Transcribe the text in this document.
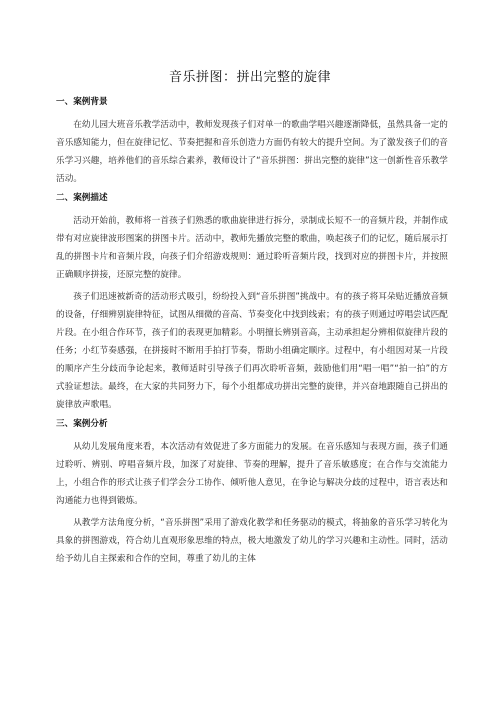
音乐拼图：拼出完整的旋律
一、案例背景

在幼儿园大班音乐教学活动中，教师发现孩子们对单一的歌曲学唱兴趣逐渐降低，虽然具备一定的音乐感知能力，但在旋律记忆、节奏把握和音乐创造力方面仍有较大的提升空间。为了激发孩子们的音乐学习兴趣，培养他们的音乐综合素养，教师设计了“音乐拼图：拼出完整的旋律”这一创新性音乐教学活动。

二、案例描述

活动开始前，教师将一首孩子们熟悉的歌曲旋律进行拆分，录制成长短不一的音频片段，并制作成带有对应旋律波形图案的拼图卡片。活动中，教师先播放完整的歌曲，唤起孩子们的记忆，随后展示打乱的拼图卡片和音频片段，向孩子们介绍游戏规则：通过聆听音频片段，找到对应的拼图卡片，并按照正确顺序拼接，还原完整的旋律。

孩子们迅速被新奇的活动形式吸引，纷纷投入到“音乐拼图”挑战中。有的孩子将耳朵贴近播放音频的设备，仔细辨别旋律特征，试图从细微的音高、节奏变化中找到线索；有的孩子则通过哼唱尝试匹配片段。在小组合作环节，孩子们的表现更加精彩。小明擅长辨别音高，主动承担起分辨相似旋律片段的任务；小红节奏感强，在拼接时不断用手拍打节奏，帮助小组确定顺序。过程中，有小组因对某一片段的顺序产生分歧而争论起来，教师适时引导孩子们再次聆听音频，鼓励他们用“唱一唱”“拍一拍”的方式验证想法。最终，在大家的共同努力下，每个小组都成功拼出完整的旋律，并兴奋地跟随自己拼出的旋律放声歌唱。

三、案例分析

从幼儿发展角度来看，本次活动有效促进了多方面能力的发展。在音乐感知与表现方面，孩子们通过聆听、辨别、哼唱音频片段，加深了对旋律、节奏的理解，提升了音乐敏感度；在合作与交流能力上，小组合作的形式让孩子们学会分工协作、倾听他人意见，在争论与解决分歧的过程中，语言表达和沟通能力也得到锻炼。

从教学方法角度分析，“音乐拼图”采用了游戏化教学和任务驱动的模式，将抽象的音乐学习转化为具象的拼图游戏，符合幼儿直观形象思维的特点，极大地激发了幼儿的学习兴趣和主动性。同时，活动给予幼儿自主探索和合作的空间，尊重了幼儿的主体
